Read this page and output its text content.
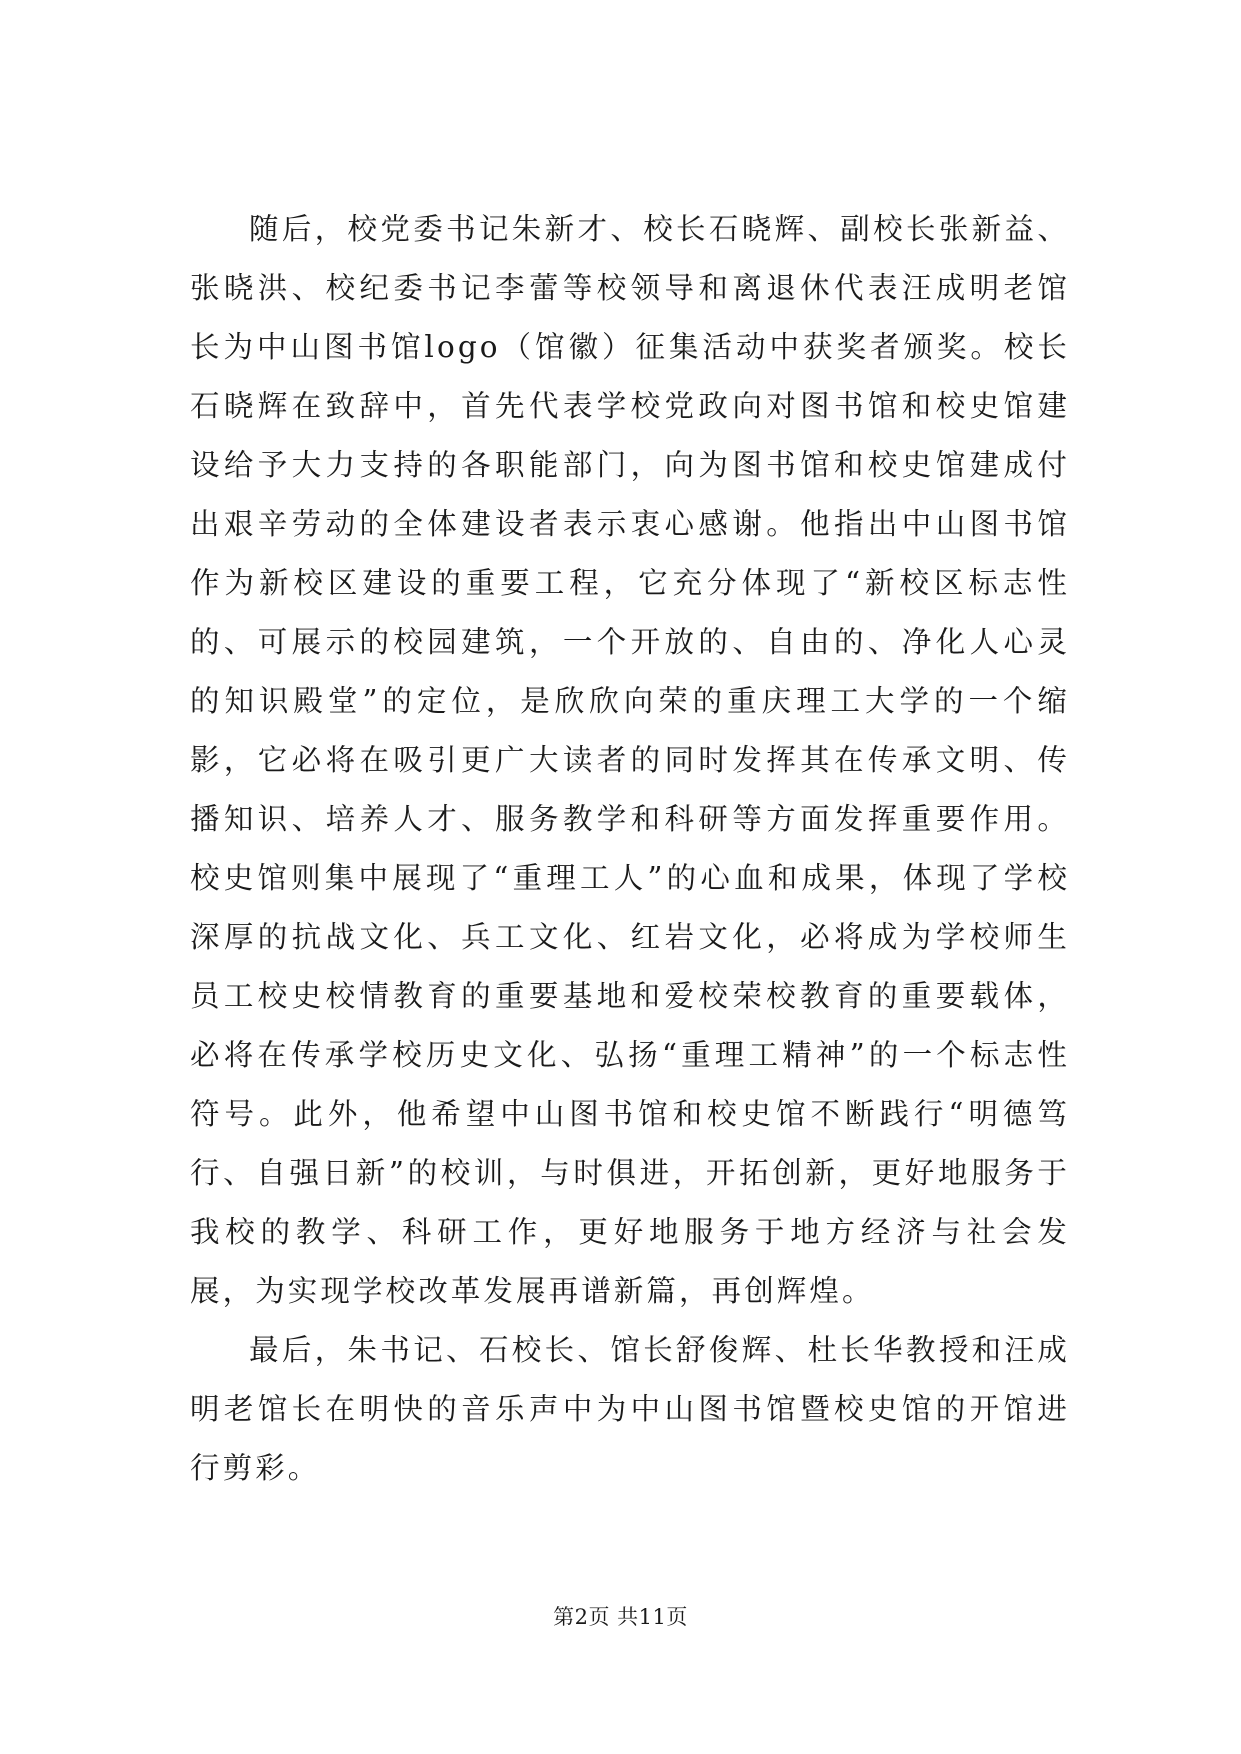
随后，校党委书记朱新才、校长石晓辉、副校长张新益、张晓洪、校纪委书记李蕾等校领导和离退休代表汪成明老馆长为中山图书馆logo（馆徽）征集活动中获奖者颁奖。校长石晓辉在致辞中，首先代表学校党政向对图书馆和校史馆建设给予大力支持的各职能部门，向为图书馆和校史馆建成付出艰辛劳动的全体建设者表示衷心感谢。他指出中山图书馆作为新校区建设的重要工程，它充分体现了“新校区标志性的、可展示的校园建筑，一个开放的、自由的、净化人心灵的知识殿堂”的定位，是欣欣向荣的重庆理工大学的一个缩影，它必将在吸引更广大读者的同时发挥其在传承文明、传播知识、培养人才、服务教学和科研等方面发挥重要作用。校史馆则集中展现了“重理工人”的心血和成果，体现了学校深厚的抗战文化、兵工文化、红岩文化，必将成为学校师生员工校史校情教育的重要基地和爱校荣校教育的重要载体，必将在传承学校历史文化、弘扬“重理工精神”的一个标志性符号。此外，他希望中山图书馆和校史馆不断践行“明德笃行、自强日新”的校训，与时俱进，开拓创新，更好地服务于我校的教学、科研工作，更好地服务于地方经济与社会发展，为实现学校改革发展再谱新篇，再创辉煌。

最后，朱书记、石校长、馆长舒俊辉、杜长华教授和汪成明老馆长在明快的音乐声中为中山图书馆暨校史馆的开馆进行剪彩。

第2页 共11页
